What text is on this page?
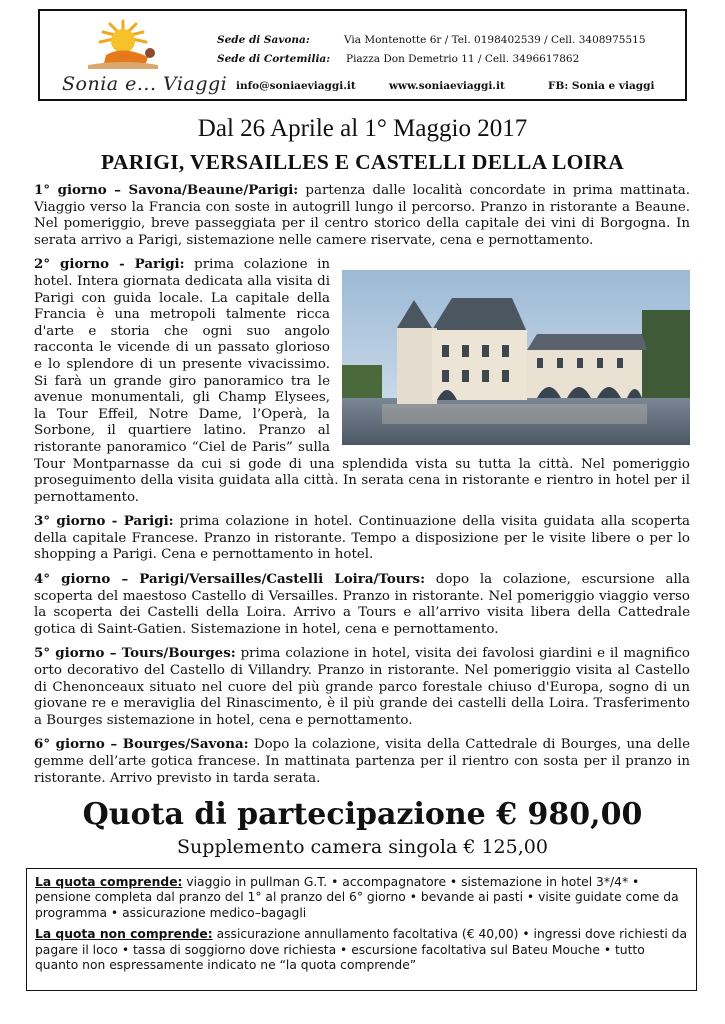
Sonia e... Viaggi
Sede di Savona:	Via Montenotte 6r / Tel. 0198402539 / Cell. 3408975515
Sede di Cortemilia: Piazza Don Demetrio 11 / Cell. 3496617862
info@soniaeviaggi.it	www.soniaeviaggi.it	FB: Sonia e viaggi
Dal 26 Aprile al 1° Maggio 2017
PARIGI, VERSAILLES E CASTELLI DELLA LOIRA

1° giorno – Savona/Beaune/Parigi: partenza dalle località concordate in prima mattinata. Viaggio verso la Francia con soste in autogrill lungo il percorso. Pranzo in ristorante a Beaune. Nel pomeriggio, breve passeggiata per il centro storico della capitale dei vini di Borgogna. In serata arrivo a Parigi, sistemazione nelle camere riservate, cena e pernottamento.

2° giorno - Parigi: prima colazione in hotel. Intera giornata dedicata alla visita di Parigi con guida locale. La capitale della Francia è una metropoli talmente ricca d'arte e storia che ogni suo angolo racconta le vicende di un passato glorioso e lo splendore di un presente vivacissimo. Si farà un grande giro panoramico tra le avenue monumentali, gli Champ Elysees, la Tour Effeil, Notre Dame, l’Operà, la Sorbone, il quartiere latino. Pranzo al ristorante panoramico “Ciel de Paris” sulla Tour Montparnasse da cui si gode di una splendida vista su tutta la città. Nel pomeriggio proseguimento della visita guidata alla città. In serata cena in ristorante e rientro in hotel per il pernottamento.

3° giorno - Parigi: prima colazione in hotel. Continuazione della visita guidata alla scoperta della capitale Francese. Pranzo in ristorante. Tempo a disposizione per le visite libere o per lo shopping a Parigi. Cena e pernottamento in hotel.

4° giorno – Parigi/Versailles/Castelli Loira/Tours: dopo la colazione, escursione alla scoperta del maestoso Castello di Versailles. Pranzo in ristorante. Nel pomeriggio viaggio verso la scoperta dei Castelli della Loira. Arrivo a Tours e all’arrivo visita libera della Cattedrale gotica di Saint-Gatien. Sistemazione in hotel, cena e pernottamento.

5° giorno – Tours/Bourges: prima colazione in hotel, visita dei favolosi giardini e il magnifico orto decorativo del Castello di Villandry. Pranzo in ristorante. Nel pomeriggio visita al Castello di Chenonceaux situato nel cuore del più grande parco forestale chiuso d'Europa, sogno di un giovane re e meraviglia del Rinascimento, è il più grande dei castelli della Loira. Trasferimento a Bourges sistemazione in hotel, cena e pernottamento.

6° giorno – Bourges/Savona: Dopo la colazione, visita della Cattedrale di Bourges, una delle gemme dell’arte gotica francese. In mattinata partenza per il rientro con sosta per il pranzo in ristorante. Arrivo previsto in tarda serata.

Quota di partecipazione € 980,00
Supplemento camera singola € 125,00

La quota comprende: viaggio in pullman G.T. • accompagnatore • sistemazione in hotel 3*/4* • pensione completa dal pranzo del 1° al pranzo del 6° giorno • bevande ai pasti • visite guidate come da programma • assicurazione medico–bagagli

La quota non comprende: assicurazione annullamento facoltativa (€ 40,00) • ingressi dove richiesti da pagare il loco • tassa di soggiorno dove richiesta • escursione facoltativa sul Bateu Mouche • tutto quanto non espressamente indicato ne “la quota comprende”
